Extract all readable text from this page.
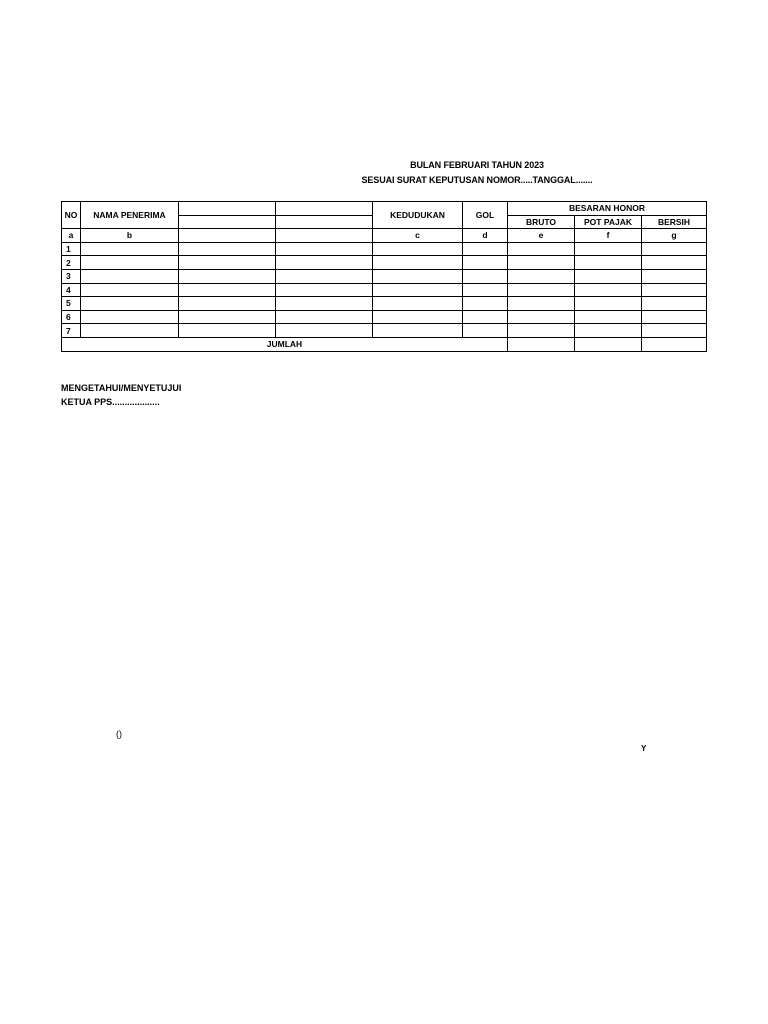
BULAN FEBRUARI TAHUN 2023
SESUAI SURAT KEPUTUSAN NOMOR.....TANGGAL.......
NO	NAMA PENERIMA			KEDUDUKAN	GOL	BESARAN HONOR		
						BRUTO	POT PAJAK	BERSIH
a	b			c	d	e	f	g
1								
2								
3								
4								
5								
6								
7								
JUMLAH								
MENGETAHUI/MENYETUJUI
KETUA PPS...................
()
Y
